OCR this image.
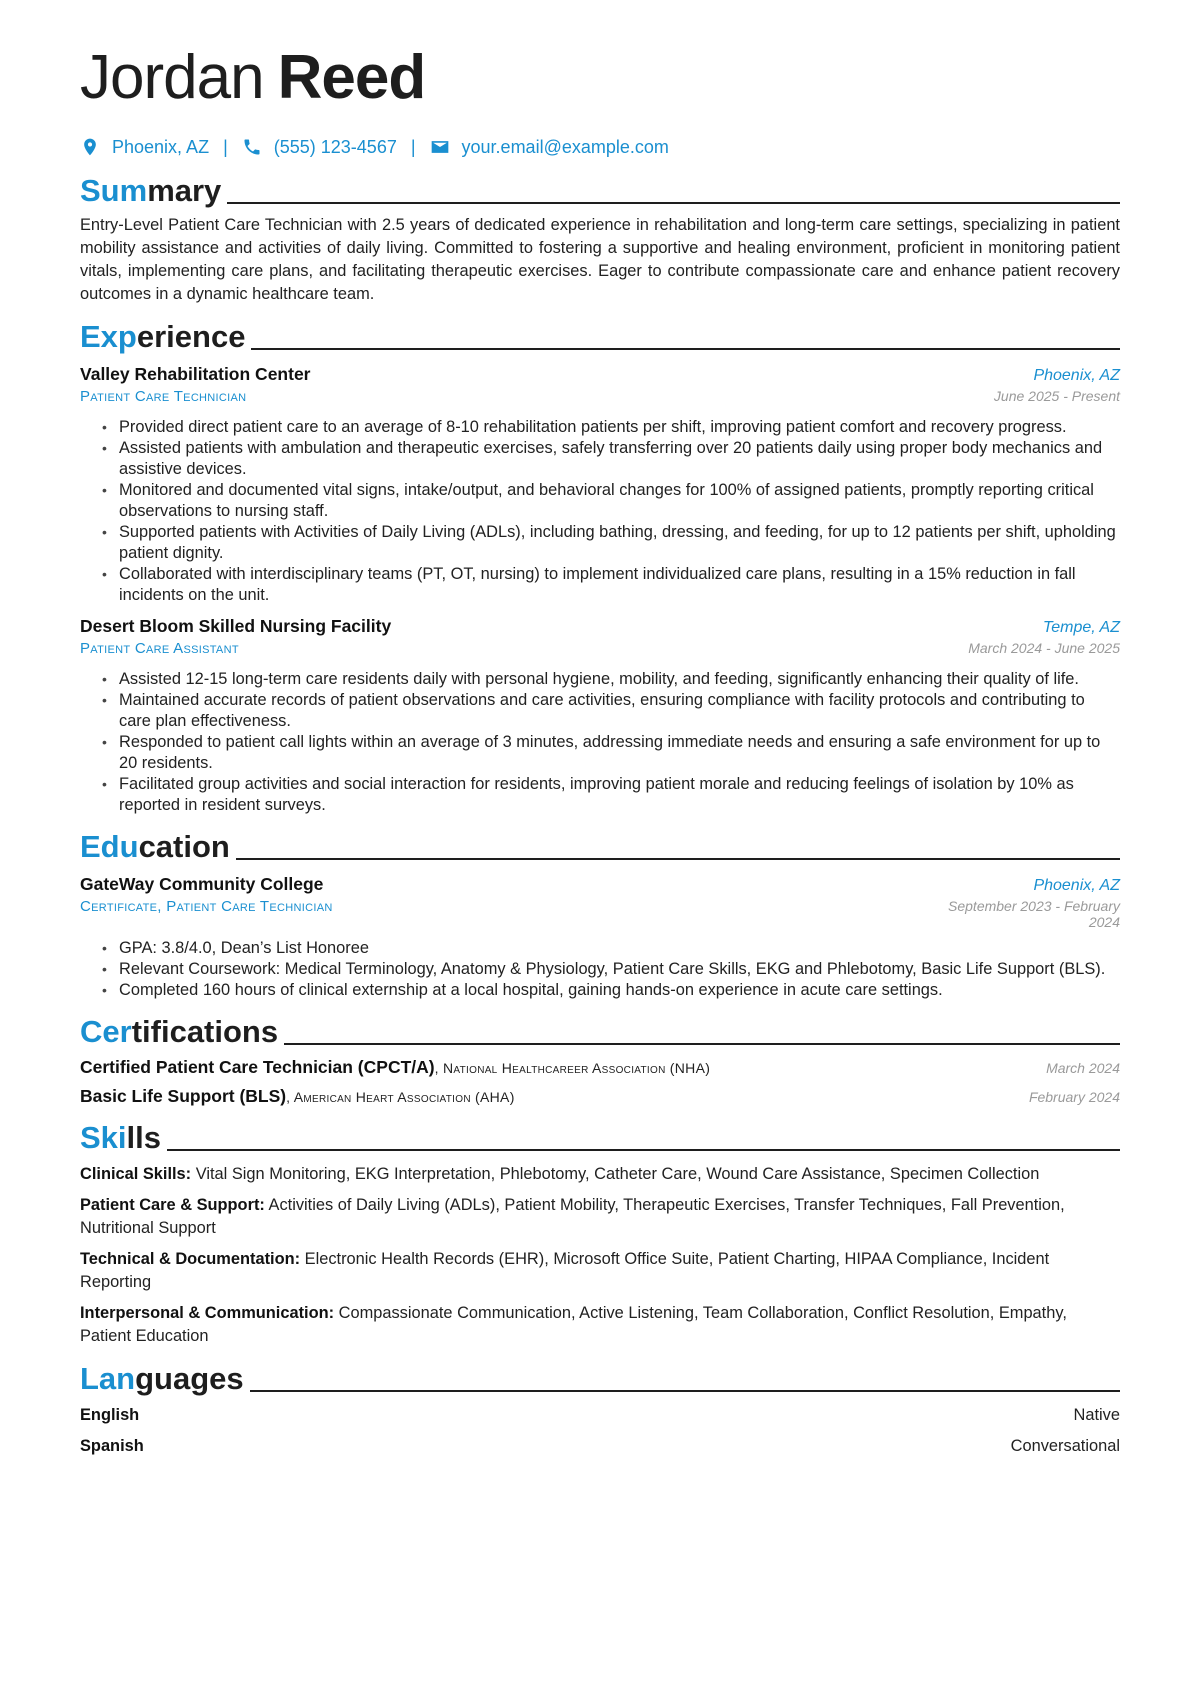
Jordan Reed
Phoenix, AZ |	(555) 123-4567 |	your.email@example.com
Summary

Entry-Level Patient Care Technician with 2.5 years of dedicated experience in rehabilitation and long-term care settings, specializing in patient mobility assistance and activities of daily living. Committed to fostering a supportive and healing environment, proficient in monitoring patient vitals, implementing care plans, and facilitating therapeutic exercises. Eager to contribute compassionate care and enhance patient recovery outcomes in a dynamic healthcare team.

Experience
Valley Rehabilitation Center	Phoenix, AZ
Patient Care Technician	June 2025 - Present
• Provided direct patient care to an average of 8-10 rehabilitation patients per shift, improving patient comfort and recovery progress.
• Assisted patients with ambulation and therapeutic exercises, safely transferring over 20 patients daily using proper body mechanics and assistive devices.
• Monitored and documented vital signs, intake/output, and behavioral changes for 100% of assigned patients, promptly reporting critical observations to nursing staff.
• Supported patients with Activities of Daily Living (ADLs), including bathing, dressing, and feeding, for up to 12 patients per shift, upholding patient dignity.
• Collaborated with interdisciplinary teams (PT, OT, nursing) to implement individualized care plans, resulting in a 15% reduction in fall incidents on the unit.
Desert Bloom Skilled Nursing Facility	Tempe, AZ
Patient Care Assistant	March 2024 - June 2025
• Assisted 12-15 long-term care residents daily with personal hygiene, mobility, and feeding, significantly enhancing their quality of life.
• Maintained accurate records of patient observations and care activities, ensuring compliance with facility protocols and contributing to care plan effectiveness.
• Responded to patient call lights within an average of 3 minutes, addressing immediate needs and ensuring a safe environment for up to 20 residents.
• Facilitated group activities and social interaction for residents, improving patient morale and reducing feelings of isolation by 10% as reported in resident surveys.
Education
GateWay Community College	Phoenix, AZ
Certificate, Patient Care Technician	September 2023 - February
2024
• GPA: 3.8/4.0, Dean’s List Honoree
• Relevant Coursework: Medical Terminology, Anatomy & Physiology, Patient Care Skills, EKG and Phlebotomy, Basic Life Support (BLS).
• Completed 160 hours of clinical externship at a local hospital, gaining hands-on experience in acute care settings.
Certifications
Certified Patient Care Technician (CPCT/A), National Healthcareer Association (NHA)	March 2024
Basic Life Support (BLS), American Heart Association (AHA)	February 2024
Skills
Clinical Skills: Vital Sign Monitoring, EKG Interpretation, Phlebotomy, Catheter Care, Wound Care Assistance, Specimen Collection
Patient Care & Support: Activities of Daily Living (ADLs), Patient Mobility, Therapeutic Exercises, Transfer Techniques, Fall Prevention, Nutritional Support
Technical & Documentation: Electronic Health Records (EHR), Microsoft Office Suite, Patient Charting, HIPAA Compliance, Incident Reporting
Interpersonal & Communication: Compassionate Communication, Active Listening, Team Collaboration, Conflict Resolution, Empathy, Patient Education
Languages
English	Native
Spanish	Conversational
